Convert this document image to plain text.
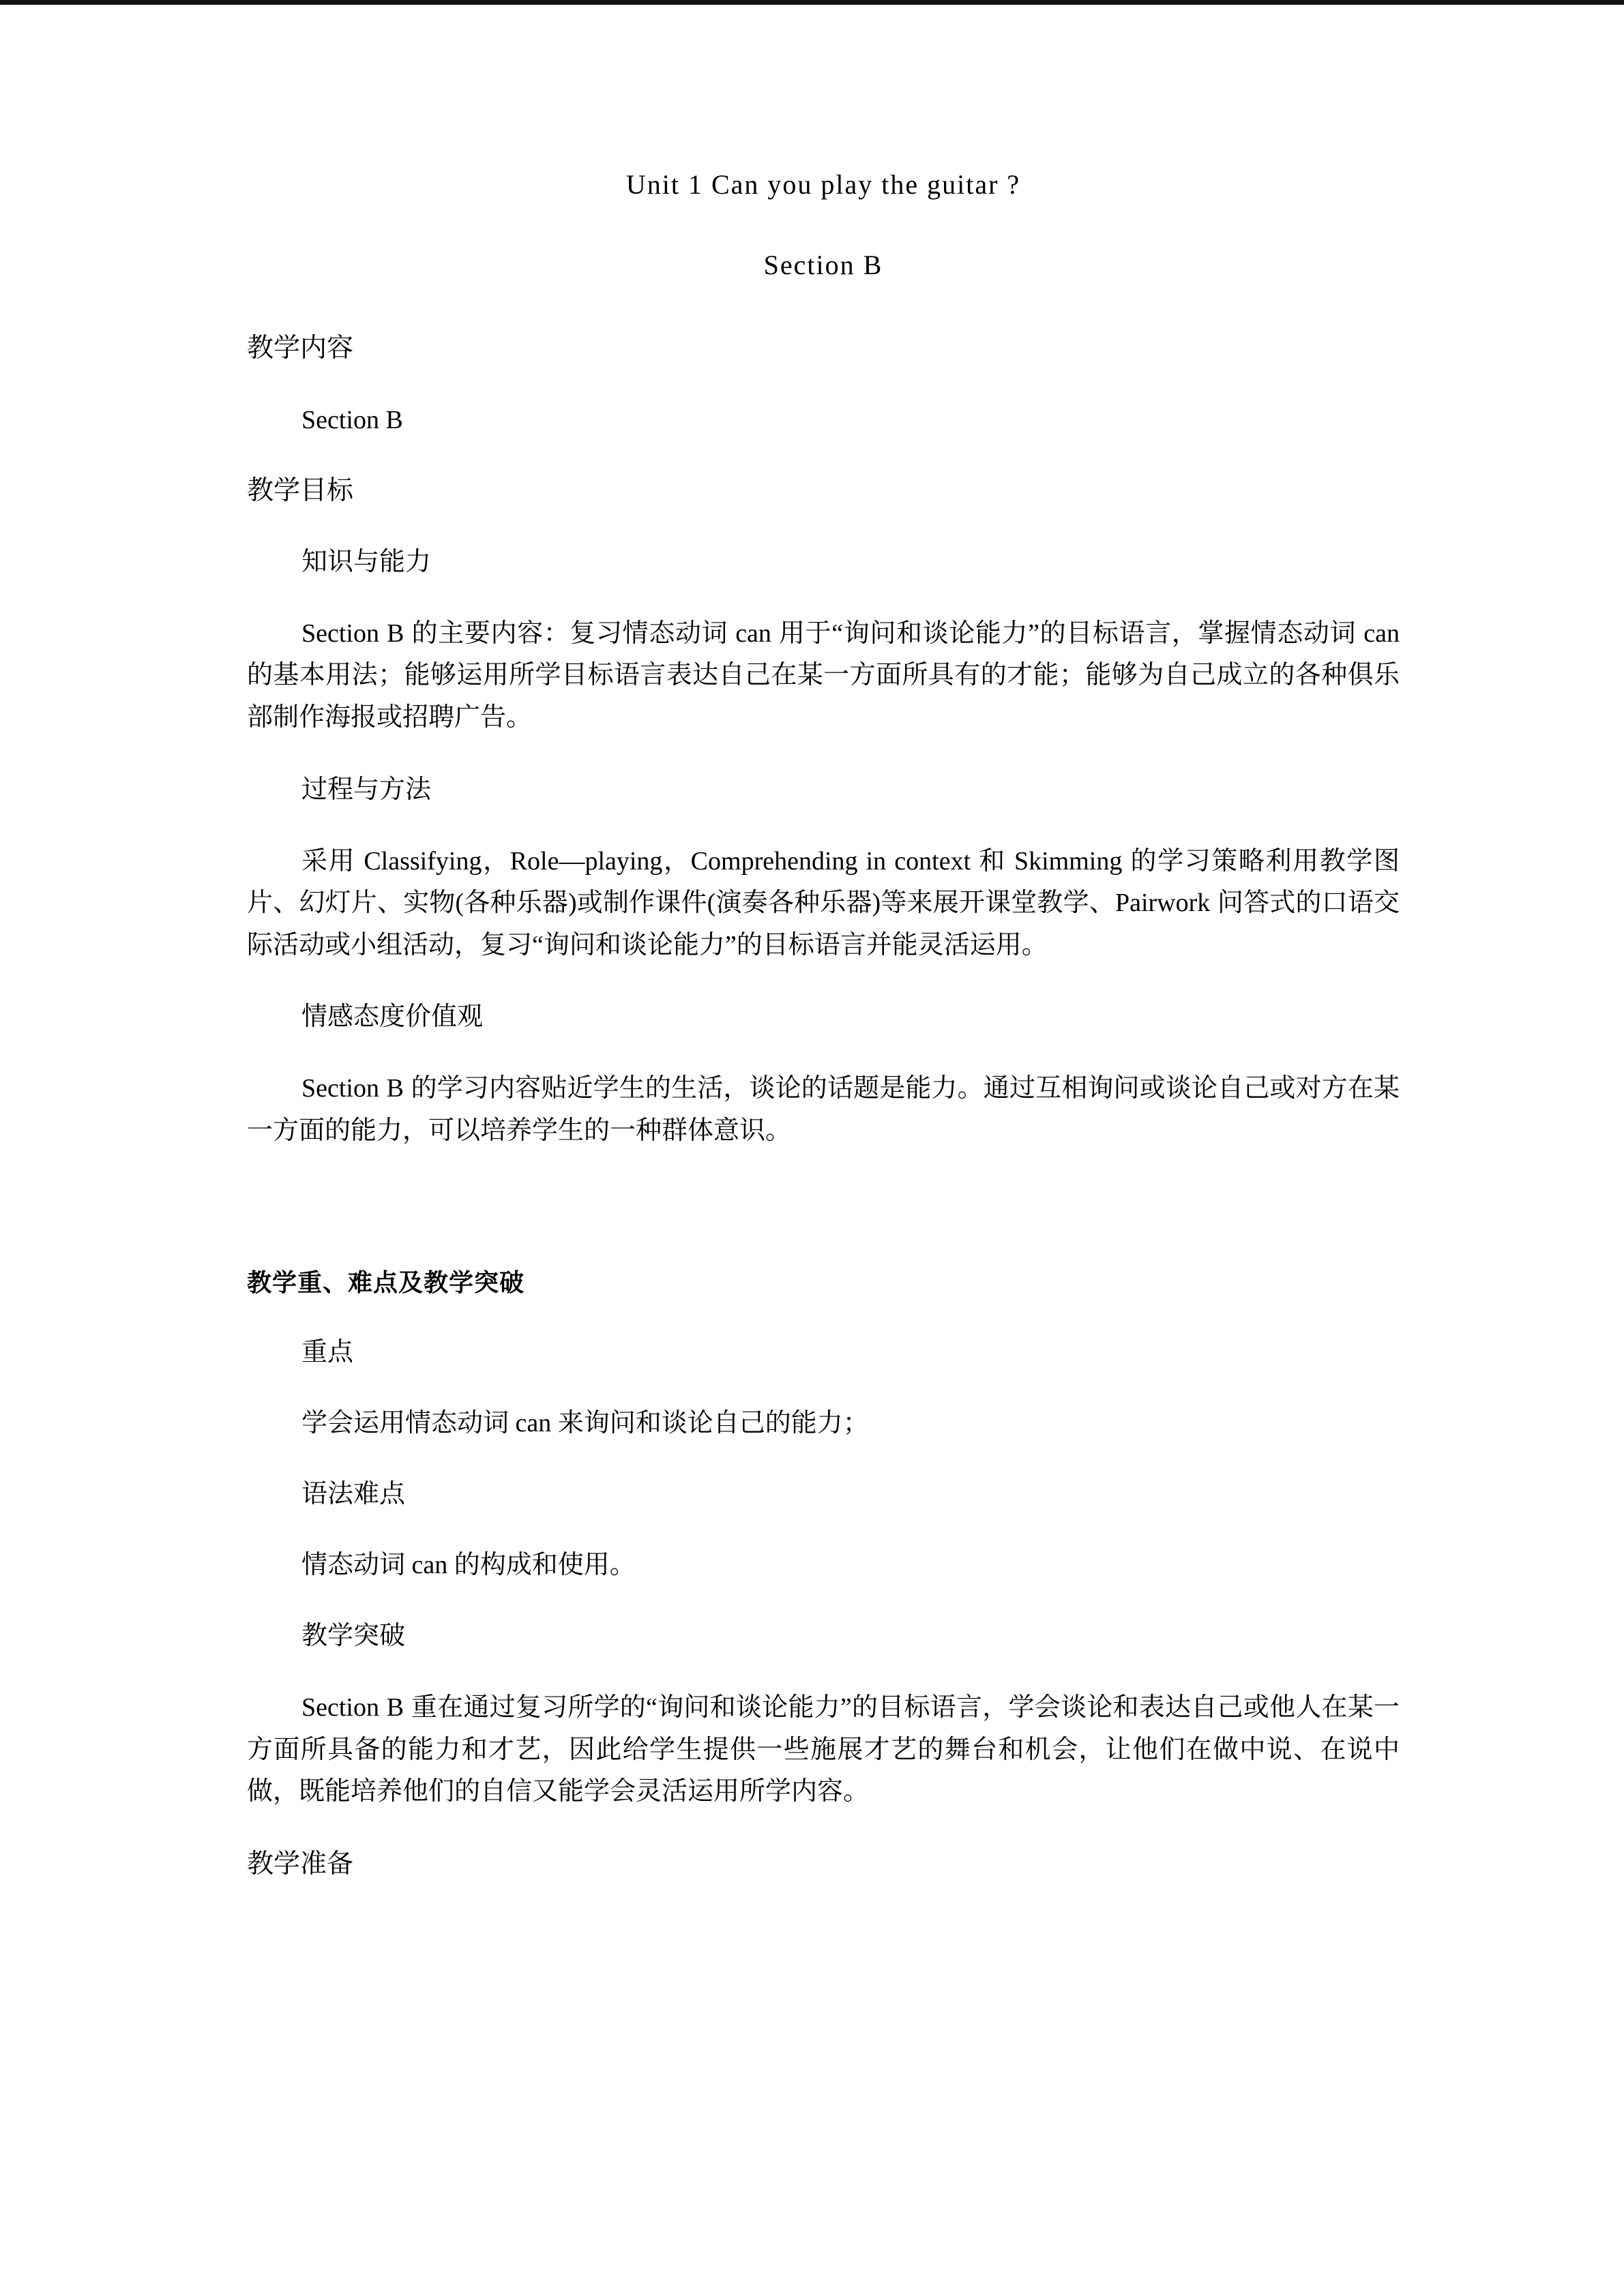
Unit 1 Can you play the guitar ?
Section B
教学内容
Section B
教学目标
知识与能力
Section B 的主要内容：复习情态动词 can 用于“询问和谈论能力”的目标语言，掌握情态动词 can 的基本用法；能够运用所学目标语言表达自己在某一方面所具有的才能；能够为自己成立的各种俱乐部制作海报或招聘广告。
过程与方法
采用 Classifying，Role—playing，Comprehending in context 和 Skimming 的学习策略利用教学图片、幻灯片、实物(各种乐器)或制作课件(演奏各种乐器)等来展开课堂教学、Pairwork 问答式的口语交际活动或小组活动，复习“询问和谈论能力”的目标语言并能灵活运用。
情感态度价值观
Section B 的学习内容贴近学生的生活，谈论的话题是能力。通过互相询问或谈论自己或对方在某一方面的能力，可以培养学生的一种群体意识。
教学重、难点及教学突破
重点
学会运用情态动词 can 来询问和谈论自己的能力；
语法难点
情态动词 can 的构成和使用。
教学突破
Section B 重在通过复习所学的“询问和谈论能力”的目标语言，学会谈论和表达自己或他人在某一方面所具备的能力和才艺，因此给学生提供一些施展才艺的舞台和机会，让他们在做中说、在说中做，既能培养他们的自信又能学会灵活运用所学内容。
教学准备
